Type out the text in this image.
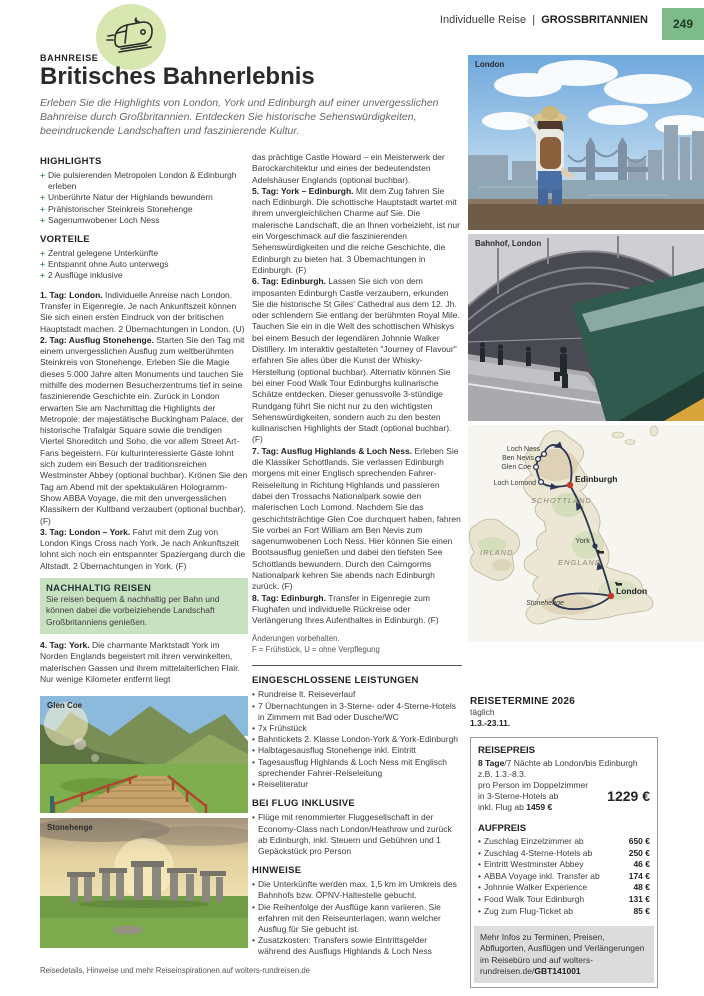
Individuelle Reise | GROSSBRITANNIEN 249
BAHNREISE
Britisches Bahnerlebnis
Erleben Sie die Highlights von London, York und Edinburgh auf einer unvergesslichen Bahnreise durch Großbritannien. Entdecken Sie historische Sehenswürdigkeiten, beeindruckende Landschaften und faszinierende Kultur.
HIGHLIGHTS
+ Die pulsierenden Metropolen London & Edinburgh erleben
+ Unberührte Natur der Highlands bewundern
+ Prähistorischer Steinkreis Stonehenge
+ Sagenumwobener Loch Ness
VORTEILE
+ Zentral gelegene Unterkünfte
+ Entspannt ohne Auto unterwegs
+ 2 Ausflüge inklusive

1. Tag: London. Individuelle Anreise nach London. Transfer in Eigenregie. Je nach Ankunftszeit können Sie sich einen ersten Eindruck von der britischen Hauptstadt machen. 2 Übernachtungen in London. (U)

2. Tag: Ausflug Stonehenge. Starten Sie den Tag mit einem unvergesslichen Ausflug zum weltberühmten Steinkreis von Stonehenge. Erleben Sie die Magie dieses 5.000 Jahre alten Monuments und tauchen Sie mithilfe des modernen Besucherzentrums tief in seine faszinierende Geschichte ein. Zurück in London erwarten Sie am Nachmittag die Highlights der Metropole: der majestätische Buckingham Palace, der historische Trafalgar Square sowie die trendigen Viertel Shoreditch und Soho, die vor allem Street Art-Fans begeistern. Für kulturinteressierte Gäste lohnt sich zudem ein Besuch der traditionsreichen Westminster Abbey (optional buchbar). Krönen Sie den Tag am Abend mit der spektakulären Hologramm-Show ABBA Voyage, die mit den unvergesslichen Klassikern der Kultband verzaubert (optional buchbar). (F)

3. Tag: London – York. Fahrt mit dem Zug von London Kings Cross nach York. Je nach Ankunftszeit lohnt sich noch ein entspannter Spaziergang durch die Altstadt. 2 Übernachtungen in York. (F)

NACHHALTIG REISEN
Sie reisen bequem & nachhaltig per Bahn und können dabei die vorbeiziehende Landschaft Großbritanniens genießen.

4. Tag: York. Die charmante Marktstadt York im Norden Englands begeistert mit ihren verwinkelten, malerischen Gassen und ihrem mittelalterlichen Flair. Nur wenige Kilometer entfernt liegt

Glen Coe
Stonehenge

das prächtige Castle Howard – ein Meisterwerk der Barockarchitektur und eines der bedeutendsten Adelshäuser Englands (optional buchbar).

5. Tag: York – Edinburgh. Mit dem Zug fahren Sie nach Edinburgh. Die schottische Hauptstadt wartet mit ihrem unvergleichlichen Charme auf Sie. Die malerische Landschaft, die an Ihnen vorbeizieht, ist nur ein Vorgeschmack auf die faszinierenden Sehenswürdigkeiten und die reiche Geschichte, die Edinburgh zu bieten hat. 3 Übernachtungen in Edinburgh. (F)

6. Tag: Edinburgh. Lassen Sie sich von dem imposanten Edinburgh Castle verzaubern, erkunden Sie die historische St Giles' Cathedral aus dem 12. Jh. oder schlendern Sie entlang der berühmten Royal Mile. Tauchen Sie ein in die Welt des schottischen Whiskys bei einem Besuch der legendären Johnnie Walker Distillery. Im interaktiv gestalteten "Journey of Flavour" erfahren Sie alles über die Kunst der Whisky-Herstellung (optional buchbar). Alternativ können Sie bei einer Food Walk Tour Edinburghs kulinarische Schätze entdecken. Dieser genussvolle 3-stündige Rundgang führt Sie nicht nur zu den wichtigsten Sehenswürdigkeiten, sondern auch zu den besten kulinarischen Highlights der Stadt (optional buchbar). (F)

7. Tag: Ausflug Highlands & Loch Ness. Erleben Sie die Klassiker Schottlands. Sie verlassen Edinburgh morgens mit einer Englisch sprechenden Fahrer-Reiseleitung in Richtung Highlands und passieren dabei den Trossachs Nationalpark sowie den malerischen Loch Lomond. Nachdem Sie das geschichtsträchtige Glen Coe durchquert haben, fahren Sie vorbei an Fort William am Ben Nevis zum sagenumwobenen Loch Ness. Hier können Sie einen Bootsausflug genießen und dabei den tiefsten See Schottlands bewundern. Durch den Cairngorms Nationalpark kehren Sie abends nach Edinburgh zurück. (F)

8. Tag: Edinburgh. Transfer in Eigenregie zum Flughafen und individuelle Rückreise oder Verlängerung Ihres Aufenthaltes in Edinburgh. (F)

Änderungen vorbehalten.
F = Frühstück, U = ohne Verpflegung
EINGESCHLOSSENE LEISTUNGEN
• Rundreise lt. Reiseverlauf
• 7 Übernachtungen in 3-Sterne- oder 4-Sterne-Hotels in Zimmern mit Bad oder Dusche/WC
• 7x Frühstück
• Bahntickets 2. Klasse London-York & York-Edinburgh
• Halbtagesausflug Stonehenge inkl. Eintritt
• Tagesausflug Highlands & Loch Ness mit Englisch sprechender Fahrer-Reiseleitung
• Reiseliteratur
BEI FLUG INKLUSIVE
• Flüge mit renommierter Fluggesellschaft in der Economy-Class nach London/Heathrow und zurück ab Edinburgh, inkl. Steuern und Gebühren und 1 Gepäckstück pro Person
HINWEISE
• Die Unterkünfte werden max. 1,5 km im Umkreis des Bahnhofs bzw. ÖPNV-Haltestelle gebucht.
• Die Reihenfolge der Ausflüge kann variieren. Sie erfahren mit den Reiseunterlagen, wann welcher Ausflug für Sie gebucht ist.
• Zusatzkosten: Transfers sowie Eintrittsgelder während des Ausflugs Highlands & Loch Ness
London
Bahnhof, London
Loch Ness
Ben Nevis
Glen Coe
Loch Lomond
SCHOTTLAND
IRLAND
ENGLAND
York
Edinburgh
London
Stonehenge
REISETERMINE 2026
täglich
1.3.-23.11.
REISEPREIS
8 Tage/7 Nächte ab London/bis Edinburgh
z.B. 1.3.-8.3.
pro Person im Doppelzimmer
in 3-Sterne-Hotels ab	1229 €
inkl. Flug ab 1459 €
AUFPREIS
• Zuschlag Einzelzimmer ab	650 €
• Zuschlag 4-Sterne-Hotels ab	250 €
• Eintritt Westminster Abbey	46 €
• ABBA Voyage inkl. Transfer ab	174 €
• Johnnie Walker Experience	48 €
• Food Walk Tour Edinburgh	131 €
• Zug zum Flug-Ticket ab	85 €
Mehr Infos zu Terminen, Preisen, Abflugorten, Ausflügen und Verlängerungen im Reisebüro und auf wolters-rundreisen.de/GBT141001
Reisedetails, Hinweise und mehr Reiseinspirationen auf wolters-rundreisen.de
